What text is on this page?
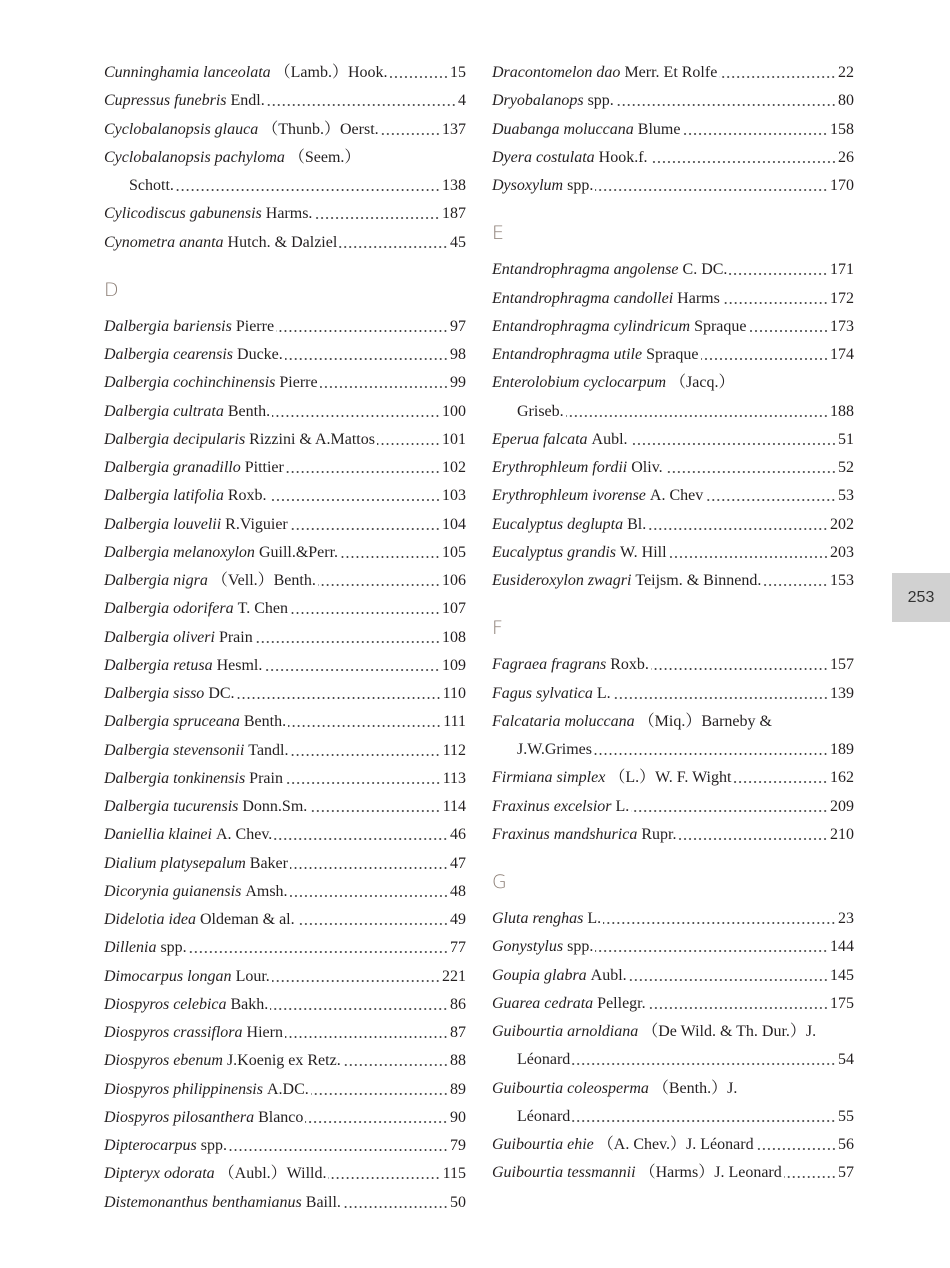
Cunninghamia lanceolata （Lamb.）Hook.	15
Cupressus funebris Endl.	4
Cyclobalanopsis glauca （Thunb.）Oerst.	137
Cyclobalanopsis pachyloma （Seem.）
Schott.	138
Cylicodiscus gabunensis Harms.	187
Cynometra ananta Hutch. & Dalziel	45
D
Dalbergia bariensis Pierre	97
Dalbergia cearensis Ducke.	98
Dalbergia cochinchinensis Pierre	99
Dalbergia cultrata Benth.	100
Dalbergia decipularis Rizzini & A.Mattos	101
Dalbergia granadillo Pittier	102
Dalbergia latifolia Roxb.	103
Dalbergia louvelii R.Viguier	104
Dalbergia melanoxylon Guill.&Perr.	105
Dalbergia nigra （Vell.）Benth.	106
Dalbergia odorifera T. Chen	107
Dalbergia oliveri Prain	108
Dalbergia retusa Hesml.	109
Dalbergia sisso DC.	110
Dalbergia spruceana Benth.	111
Dalbergia stevensonii Tandl.	112
Dalbergia tonkinensis Prain	113
Dalbergia tucurensis Donn.Sm.	114
Daniellia klainei A. Chev.	46
Dialium platysepalum Baker	47
Dicorynia guianensis Amsh.	48
Didelotia idea Oldeman & al.	49
Dillenia spp.	77
Dimocarpus longan Lour.	221
Diospyros celebica Bakh.	86
Diospyros crassiflora Hiern	87
Diospyros ebenum J.Koenig ex Retz.	88
Diospyros philippinensis A.DC.	89
Diospyros pilosanthera Blanco	90
Dipterocarpus spp.	79
Dipteryx odorata （Aubl.）Willd.	115
Distemonanthus benthamianus Baill.	50
Dracontomelon dao Merr. Et Rolfe	22
Dryobalanops spp.	80
Duabanga moluccana Blume	158
Dyera costulata Hook.f.	26
Dysoxylum spp.	170
E
Entandrophragma angolense C. DC.	171
Entandrophragma candollei Harms	172
Entandrophragma cylindricum Spraque	173
Entandrophragma utile Spraque	174
Enterolobium cyclocarpum （Jacq.）
Griseb.	188
Eperua falcata Aubl.	51
Erythrophleum fordii Oliv.	52
Erythrophleum ivorense A. Chev	53
Eucalyptus deglupta Bl.	202
Eucalyptus grandis W. Hill	203
Eusideroxylon zwagri Teijsm. & Binnend.	153
F
Fagraea fragrans Roxb.	157
Fagus sylvatica L.	139
Falcataria moluccana （Miq.）Barneby &
J.W.Grimes	189
Firmiana simplex （L.）W. F. Wight	162
Fraxinus excelsior L.	209
Fraxinus mandshurica Rupr.	210
G
Gluta renghas L.	23
Gonystylus spp.	144
Goupia glabra Aubl.	145
Guarea cedrata Pellegr.	175
Guibourtia arnoldiana （De Wild. & Th. Dur.）J.
Léonard	54
Guibourtia coleosperma （Benth.）J.
Léonard	55
Guibourtia ehie （A. Chev.）J. Léonard	56
Guibourtia tessmannii （Harms）J. Leonard	57
253
